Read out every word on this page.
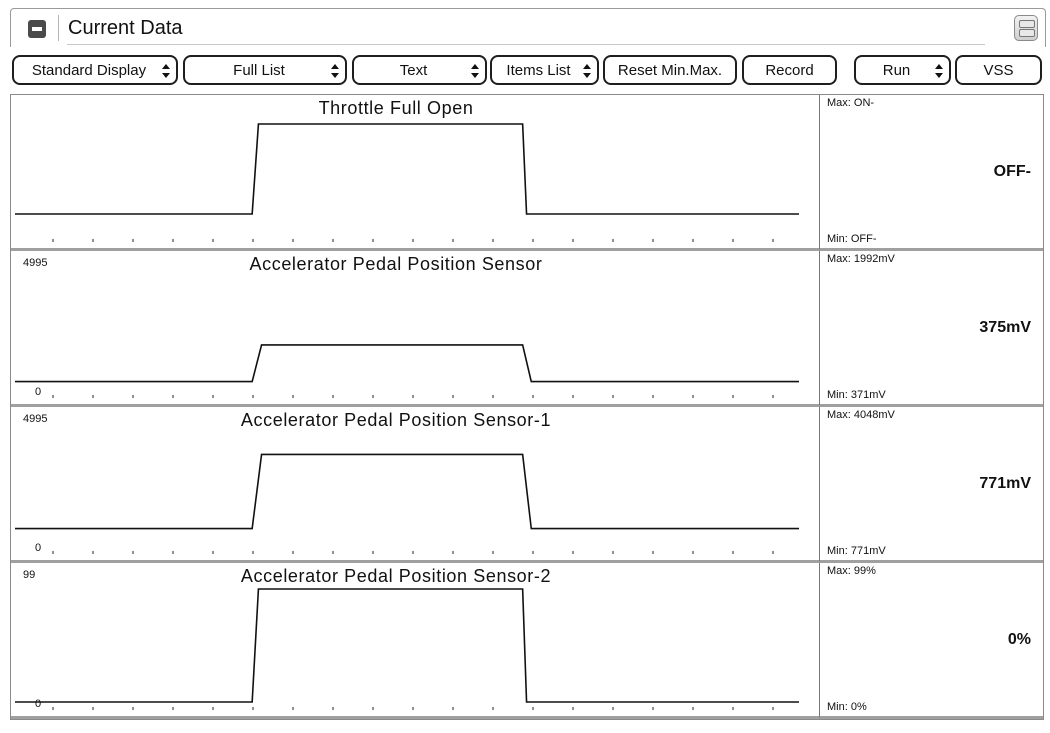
Current Data
Standard Display	Full List	Text	Items List	Reset Min.Max.	Record	Run	VSS
Throttle Full Open	Max: ON-
OFF-
Min: OFF-
Accelerator Pedal Position Sensor
4995
0
Max: 1992mV
375mV
Min: 371mV
Accelerator Pedal Position Sensor-1
4995
0
Max: 4048mV
771mV
Min: 771mV
Accelerator Pedal Position Sensor-2
99
0
Max: 99%
0%
Min: 0%
